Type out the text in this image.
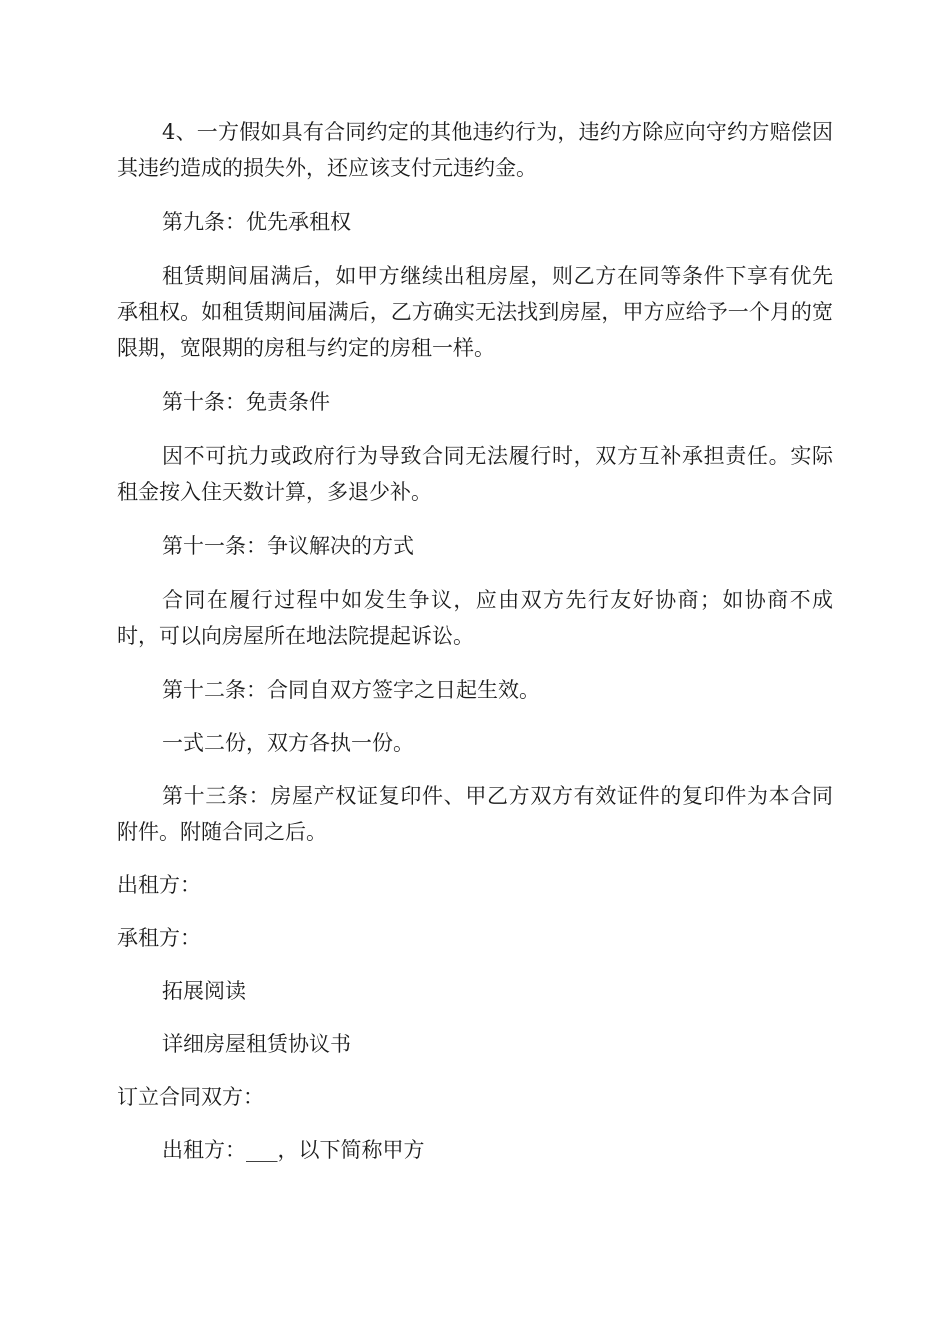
4、一方假如具有合同约定的其他违约行为，违约方除应向守约方赔偿因其违约造成的损失外，还应该支付元违约金。

第九条：优先承租权

租赁期间届满后，如甲方继续出租房屋，则乙方在同等条件下享有优先承租权。如租赁期间届满后，乙方确实无法找到房屋，甲方应给予一个月的宽限期，宽限期的房租与约定的房租一样。

第十条：免责条件

因不可抗力或政府行为导致合同无法履行时，双方互补承担责任。实际租金按入住天数计算，多退少补。

第十一条：争议解决的方式

合同在履行过程中如发生争议，应由双方先行友好协商；如协商不成时，可以向房屋所在地法院提起诉讼。

第十二条：合同自双方签字之日起生效。

一式二份，双方各执一份。

第十三条：房屋产权证复印件、甲乙方双方有效证件的复印件为本合同附件。附随合同之后。

出租方：

承租方：

拓展阅读

详细房屋租赁协议书

订立合同双方：

出租方：___，以下简称甲方
